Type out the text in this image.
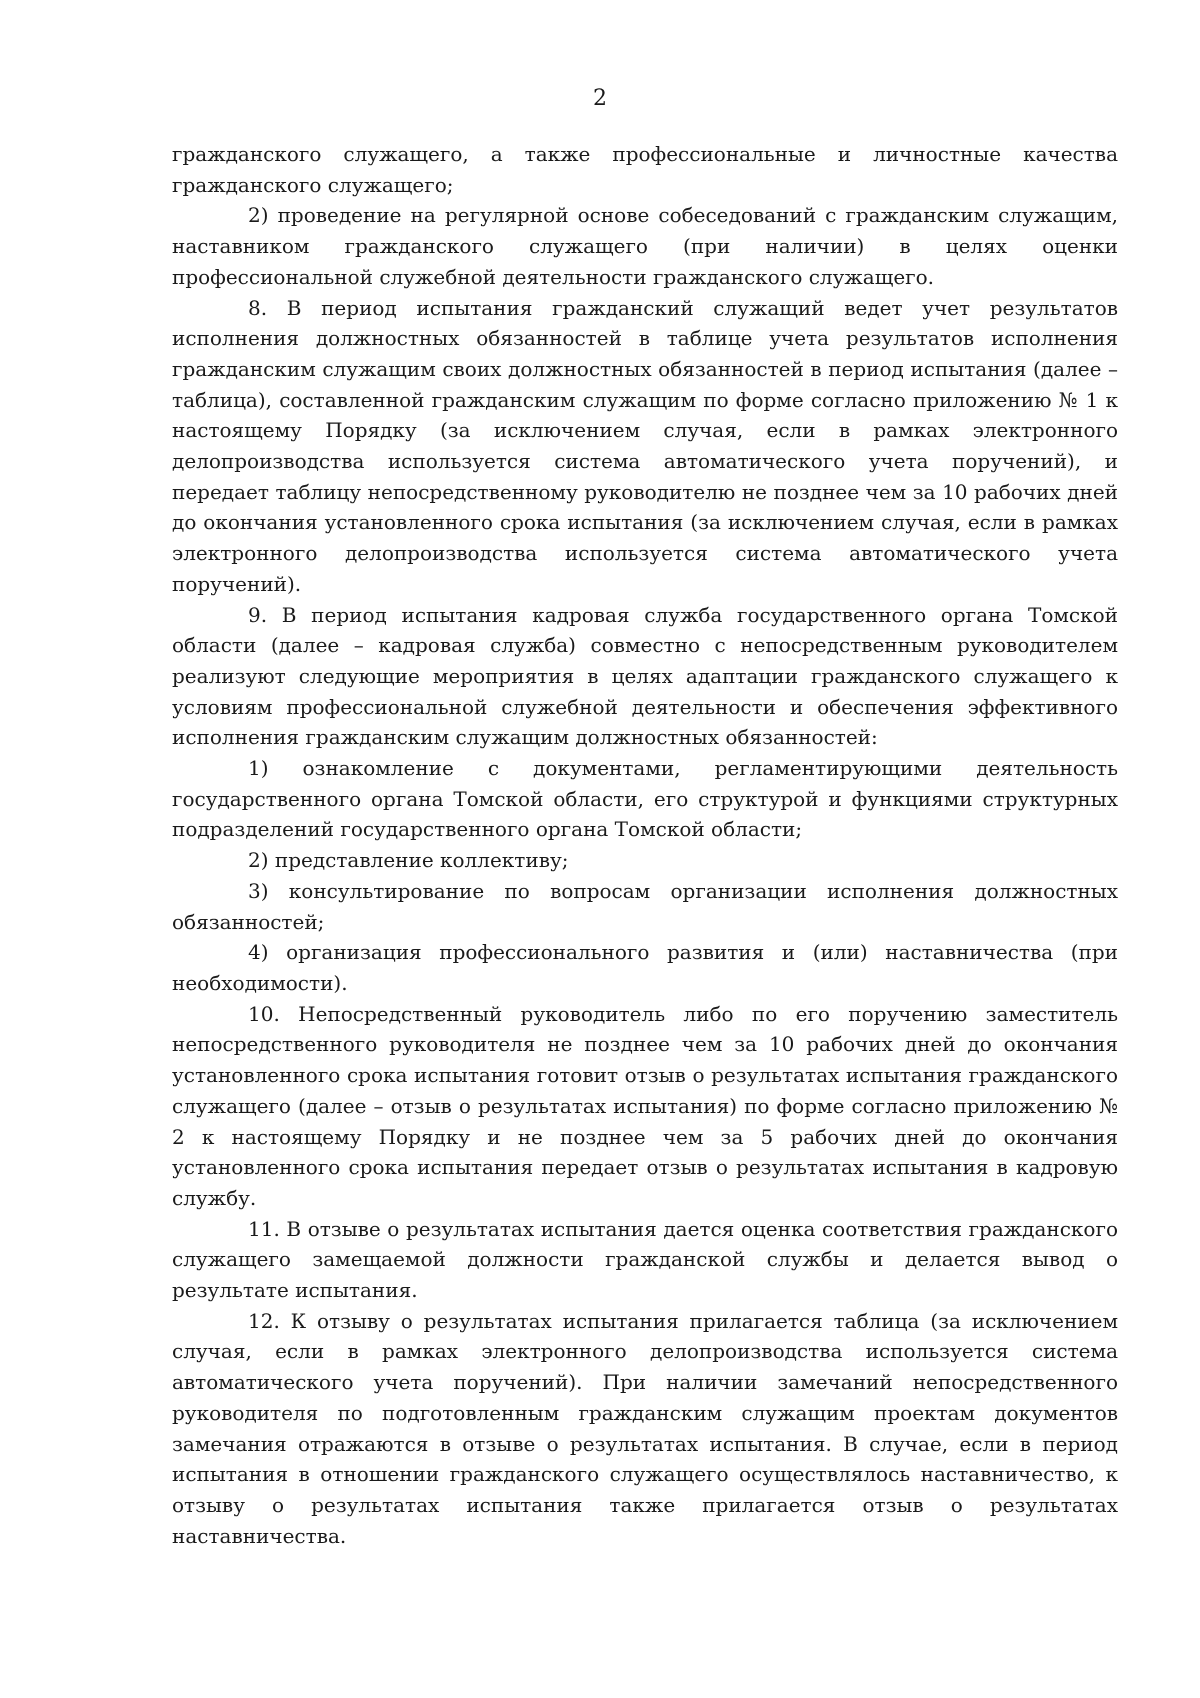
2

гражданского служащего, а также профессиональные и личностные качества гражданского служащего;

2) проведение на регулярной основе собеседований с гражданским служащим, наставником гражданского служащего (при наличии) в целях оценки профессиональной служебной деятельности гражданского служащего.

8. В период испытания гражданский служащий ведет учет результатов исполнения должностных обязанностей в таблице учета результатов исполнения гражданским служащим своих должностных обязанностей в период испытания (далее – таблица), составленной гражданским служащим по форме согласно приложению № 1 к настоящему Порядку (за исключением случая, если в рамках электронного делопроизводства используется система автоматического учета поручений), и передает таблицу непосредственному руководителю не позднее чем за 10 рабочих дней до окончания установленного срока испытания (за исключением случая, если в рамках электронного делопроизводства используется система автоматического учета поручений).

9. В период испытания кадровая служба государственного органа Томской области (далее – кадровая служба) совместно с непосредственным руководителем реализуют следующие мероприятия в целях адаптации гражданского служащего к условиям профессиональной служебной деятельности и обеспечения эффективного исполнения гражданским служащим должностных обязанностей:

1) ознакомление с документами, регламентирующими деятельность государственного органа Томской области, его структурой и функциями структурных подразделений государственного органа Томской области;

2) представление коллективу;

3) консультирование по вопросам организации исполнения должностных обязанностей;

4) организация профессионального развития и (или) наставничества (при необходимости).

10. Непосредственный руководитель либо по его поручению заместитель непосредственного руководителя не позднее чем за 10 рабочих дней до окончания установленного срока испытания готовит отзыв о результатах испытания гражданского служащего (далее – отзыв о результатах испытания) по форме согласно приложению № 2 к настоящему Порядку и не позднее чем за 5 рабочих дней до окончания установленного срока испытания передает отзыв о результатах испытания в кадровую службу.

11. В отзыве о результатах испытания дается оценка соответствия гражданского служащего замещаемой должности гражданской службы и делается вывод о результате испытания.

12. К отзыву о результатах испытания прилагается таблица (за исключением случая, если в рамках электронного делопроизводства используется система автоматического учета поручений). При наличии замечаний непосредственного руководителя по подготовленным гражданским служащим проектам документов замечания отражаются в отзыве о результатах испытания. В случае, если в период испытания в отношении гражданского служащего осуществлялось наставничество, к отзыву о результатах испытания также прилагается отзыв о результатах наставничества.
